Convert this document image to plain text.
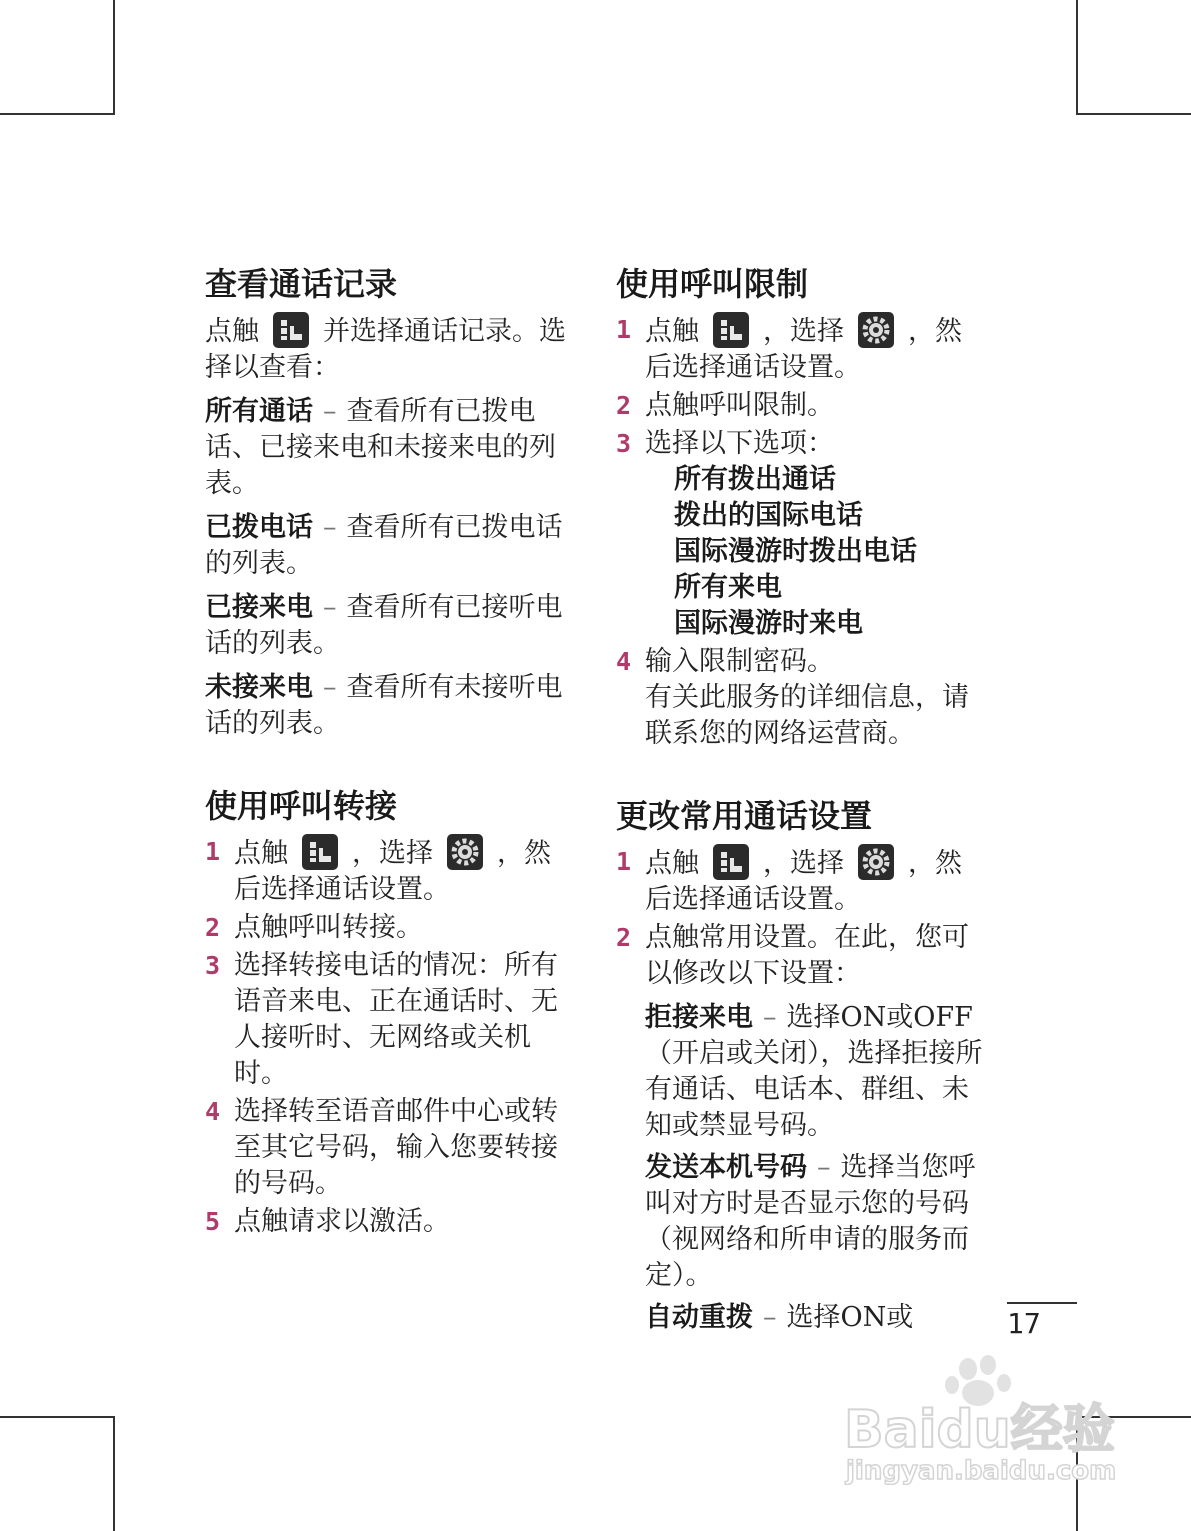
查看通话记录

点触 并选择通话记录。选择以查看：

所有通话 – 查看所有已拨电话、已接来电和未接来电的列表。

已拨电话 – 查看所有已拨电话的列表。

已接来电 – 查看所有已接听电话的列表。

未接来电 – 查看所有未接听电话的列表。

使用呼叫转接
1 点触 ，选择 ，然后选择通话设置。
2 点触呼叫转接。
3 选择转接电话的情况：所有语音来电、正在通话时、无人接听时、无网络或关机时。
4 选择转至语音邮件中心或转至其它号码，输入您要转接的号码。
5 点触请求以激活。
使用呼叫限制
1 点触 ，选择 ，然后选择通话设置。
2 点触呼叫限制。
3 选择以下选项：
所有拨出通话
拨出的国际电话
国际漫游时拨出电话
所有来电
国际漫游时来电
4 输入限制密码。
有关此服务的详细信息，请联系您的网络运营商。
更改常用通话设置
1 点触 ，选择 ，然后选择通话设置。
2 点触常用设置。在此，您可以修改以下设置：

拒接来电 – 选择ON或OFF（开启或关闭），选择拒接所有通话、电话本、群组、未知或禁显号码。

发送本机号码 – 选择当您呼叫对方时是否显示您的号码（视网络和所申请的服务而定）。

自动重拨 – 选择ON或	17
Baidu经验
jingyan.baidu.com
